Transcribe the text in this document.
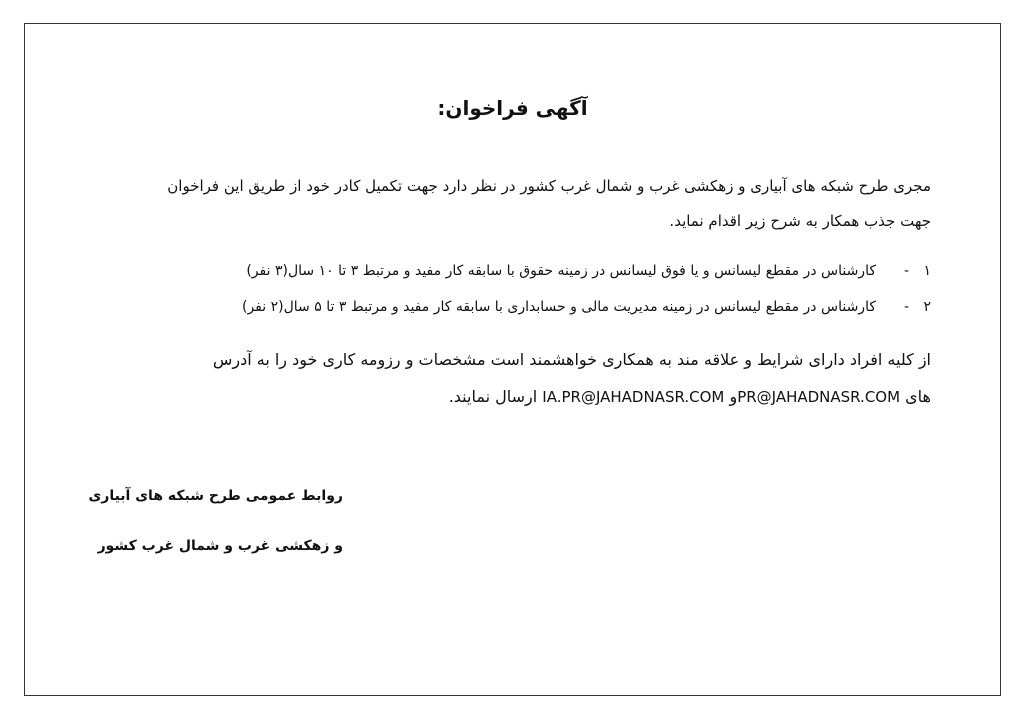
آگهی فراخوان:
مجری طرح شبکه های آبیاری و زهکشی غرب و شمال غرب کشور در نظر دارد جهت تکمیل کادر خود از طریق این فراخوان
جهت جذب همکار به شرح زیر اقدام نماید.
۱
-
کارشناس در مقطع لیسانس و یا فوق لیسانس در زمینه حقوق با سابقه کار مفید و مرتبط ۳ تا ۱۰ سال(۳ نفر)
۲
-
کارشناس در مقطع لیسانس در زمینه مدیریت مالی و حسابداری با سابقه کار مفید و مرتبط ۳ تا ۵ سال(۲ نفر)
از کلیه افراد دارای شرایط و علاقه مند به همکاری خواهشمند است مشخصات و رزومه کاری خود را به آدرس
های PR@JAHADNASR.COMو IA.PR@JAHADNASR.COM ارسال نمایند.
روابط عمومی طرح شبکه های آبیاری
و زهکشی غرب و شمال غرب کشور
